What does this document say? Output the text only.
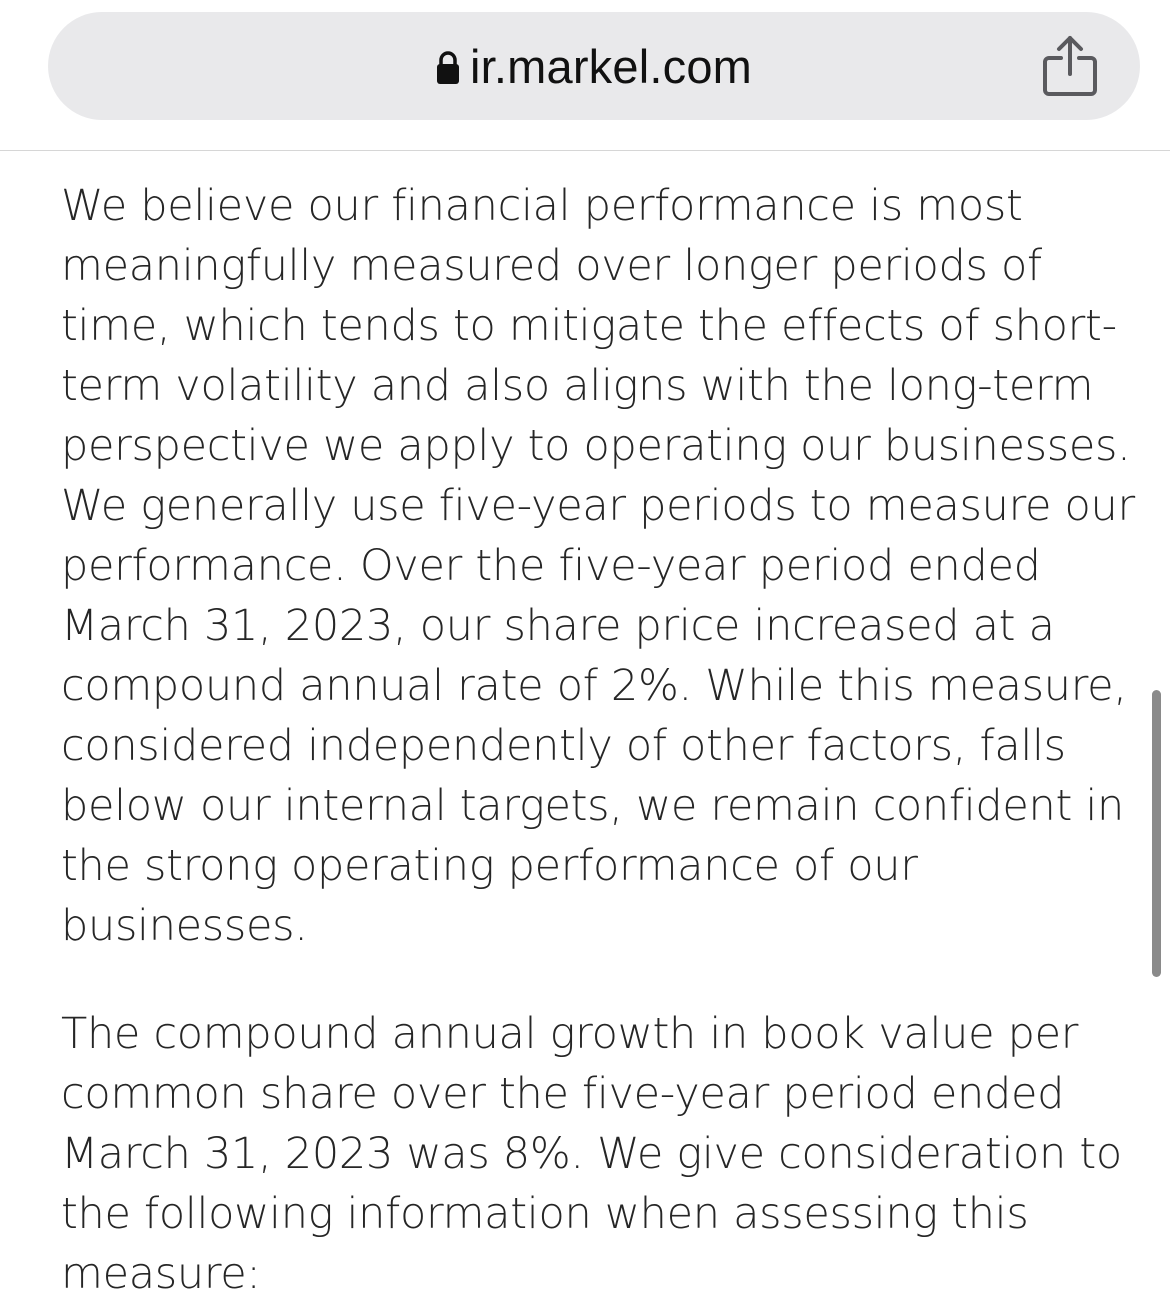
ir.markel.com

We believe our financial performance is most meaningfully measured over longer periods of time, which tends to mitigate the effects of short-term volatility and also aligns with the long-term perspective we apply to operating our businesses. We generally use five-year periods to measure our performance. Over the five-year period ended March 31, 2023, our share price increased at a compound annual rate of 2%. While this measure, considered independently of other factors, falls below our internal targets, we remain confident in the strong operating performance of our businesses.

The compound annual growth in book value per common share over the five-year period ended March 31, 2023 was 8%. We give consideration to the following information when assessing this measure:
